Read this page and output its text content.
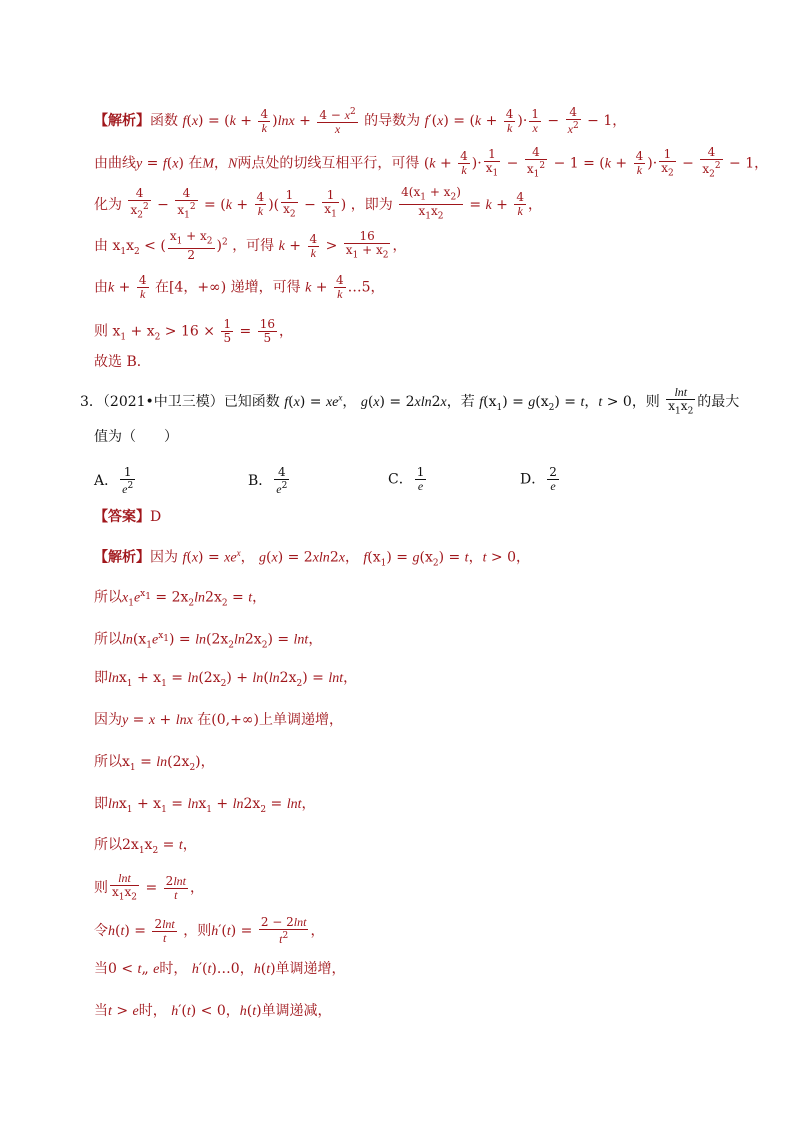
【解析】函数 $f(x) = (k + \frac{4}{k} )\ln x + \frac{4 - x^2}{x}$ 的导数为 $f'(x) = (k + \frac{4}{k}$ )· $\frac{1}{x} - \frac{4}{x^2} - 1$，
由曲线y = f(x) 在M，N两点处的切线互相平行，可得 ($k + \frac{4}{k}$ )· $\frac{1}{x_1} - \frac{4}{x_1^2} - 1 = (k + \frac{4}{k}$ )· $\frac{1}{x_2} - \frac{4}{x_2^2} - 1$，
化为 $\frac{4}{x_2^2} - \frac{4}{x_1^2} = (k + \frac{4}{k}$ )( $\frac{1}{x_2} - \frac{1}{x_1}$ ) ，即为 $\frac{4(x_1 + x_2)}{x_1x_2} = k + \frac{4}{k}$ ，
由 $x_1x_2$ < ( $\frac{x_1 + x_2}{2} )^2$ ，可得 $k + \frac{4}{k} > \frac{16}{x_1 + x_2}$ ，
由$k + \frac{4}{k}$ 在[4，+∞) 递增，可得 $k + \frac{4}{k}$ …5，
则 $x_1 + x_2 > 16 \times \frac{1}{5} = \frac{16}{5}$ ，
故选 B．
3．（2021•中卫三模）已知函数 $f(x) = xe^x$， g(x) = 2xln2x，若 $f(x_1) = g(x_2) = t$，t > 0，则 $\frac{\ln t}{x_1x_2}$ 的最大
值为（　　）
A． $\frac{1}{e^2}$	B． $\frac{4}{e^2}$	C． $\frac{1}{e}$	D． $\frac{2}{e}$
【答案】D
【解析】因为 $f(x) = xe^x$， g(x) = 2xln2x， $f(x_1) = g(x_2) = t$，t > 0，
所以$x_1e^{x_1} = 2x_2\ln 2x_2 = t$，
所以$\ln(x_1e^{x_1}) = \ln(2x_2\ln 2x_2) = \ln t$，
即$\ln x_1 + x_1 = \ln(2x_2) + \ln(\ln 2x_2) = \ln t$，
因为y = x + lnx 在(0,+∞)上单调递增，
所以$x_1 = \ln(2x_2)$，
即$\ln x_1 + x_1 = \ln x_1 + \ln 2x_2 = \ln t$，
所以$2x_1x_2 = t$，
则 $\frac{\ln t}{x_1x_2} = \frac{2\ln t}{t}$ ，
令$h(t) = \frac{2\ln t}{t}$ ，则$h'(t) = \frac{2 - 2\ln t}{t^2}$ ，
当0 < t„ e时， h′(t)…0，h(t)单调递增，
当t > e时， h′(t) < 0，h(t)单调递减，
